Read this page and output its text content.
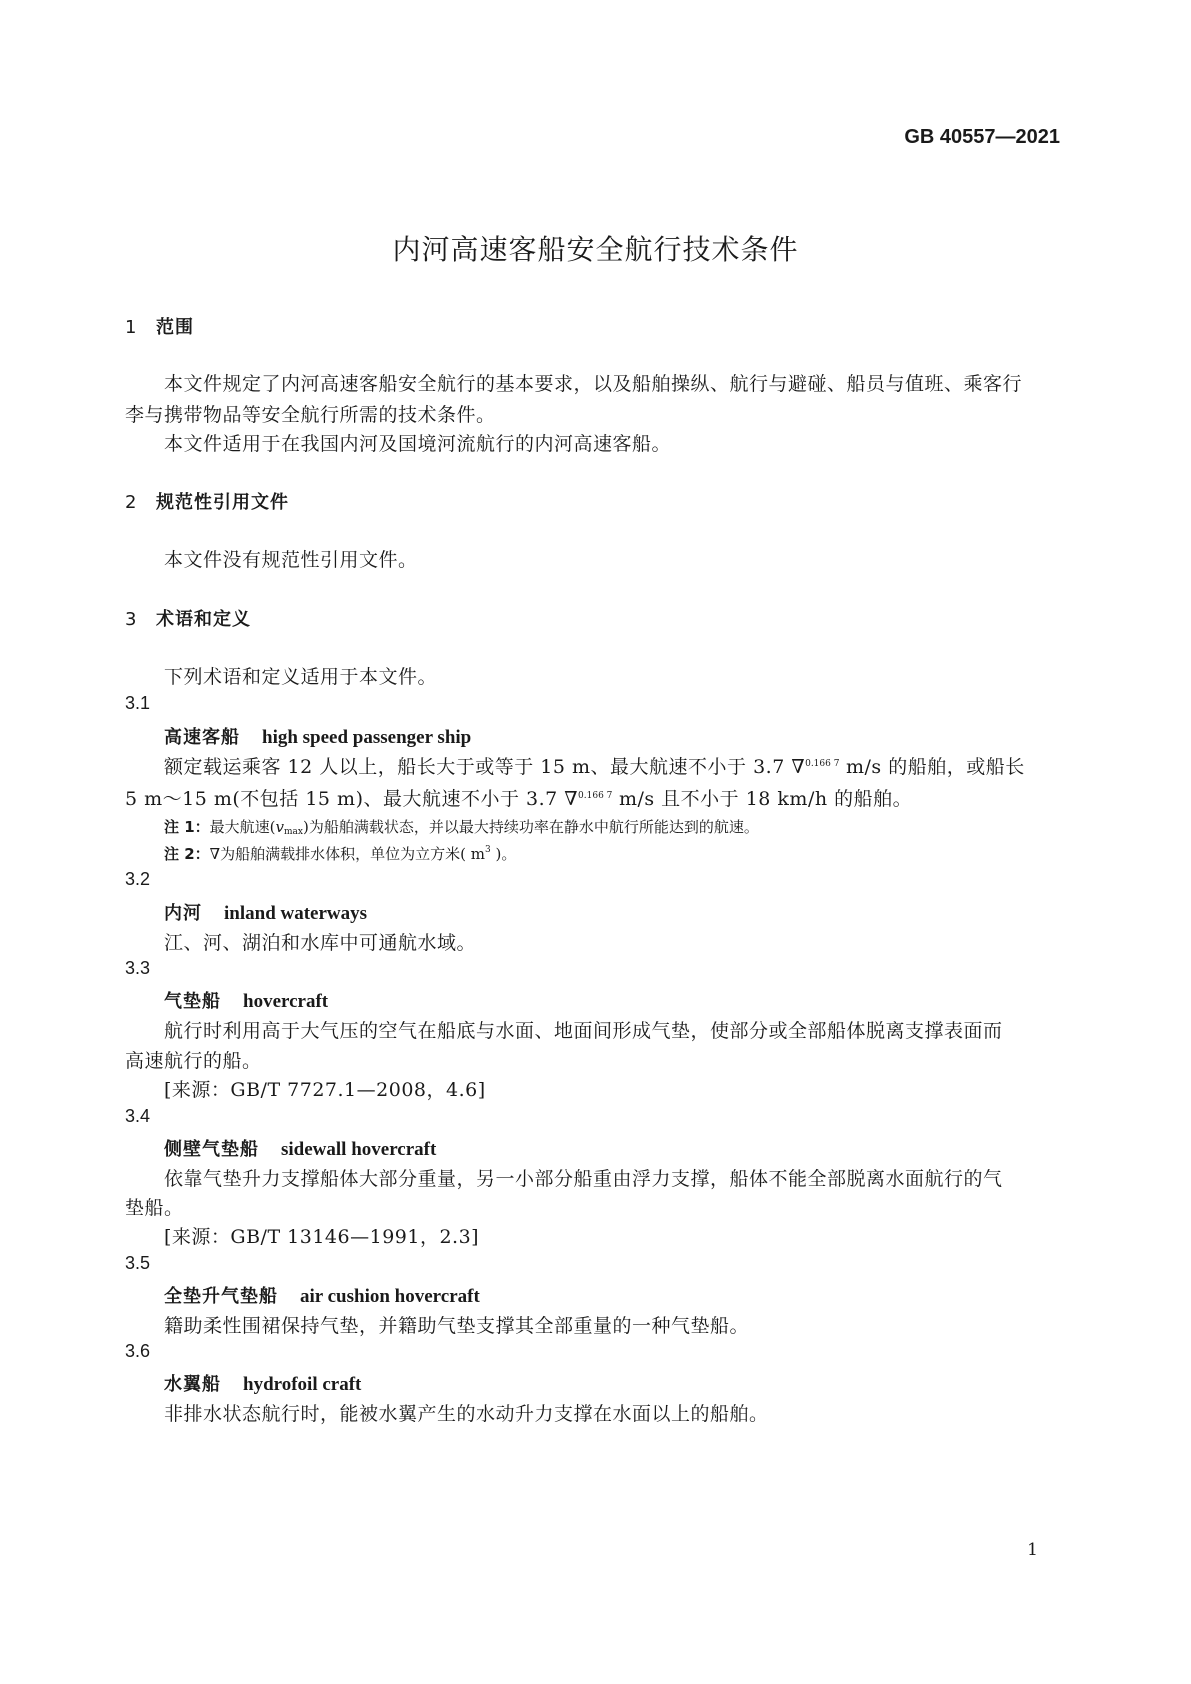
GB 40557—2021
内河高速客船安全航行技术条件
1 范围
本文件规定了内河高速客船安全航行的基本要求，以及船舶操纵、航行与避碰、船员与值班、乘客行
李与携带物品等安全航行所需的技术条件。
本文件适用于在我国内河及国境河流航行的内河高速客船。
2 规范性引用文件
本文件没有规范性引用文件。
3 术语和定义
下列术语和定义适用于本文件。
3.1
高速客船 high speed passenger ship
额定载运乘客 12 人以上，船长大于或等于 15 m、最大航速不小于 3.7 ∇$^{0.166 7}$ m/s 的船舶，或船长
5 m～15 m(不包括 15 m)、最大航速不小于 3.7 ∇$^{0.166 7}$ m/s 且不小于 18 km/h 的船舶。
注 1：最大航速$(v_{max})$为船舶满载状态，并以最大持续功率在静水中航行所能达到的航速。
注 2：∇为船舶满载排水体积，单位为立方米( $m^3$ )。
3.2
内河 inland waterways
江、河、湖泊和水库中可通航水域。
3.3
气垫船 hovercraft
航行时利用高于大气压的空气在船底与水面、地面间形成气垫，使部分或全部船体脱离支撑表面而
高速航行的船。
[来源：GB/T 7727.1—2008，4.6]
3.4
侧壁气垫船 sidewall hovercraft
依靠气垫升力支撑船体大部分重量，另一小部分船重由浮力支撑，船体不能全部脱离水面航行的气
垫船。
[来源：GB/T 13146—1991，2.3]
3.5
全垫升气垫船 air cushion hovercraft
籍助柔性围裙保持气垫，并籍助气垫支撑其全部重量的一种气垫船。
3.6
水翼船 hydrofoil craft
非排水状态航行时，能被水翼产生的水动升力支撑在水面以上的船舶。
1
